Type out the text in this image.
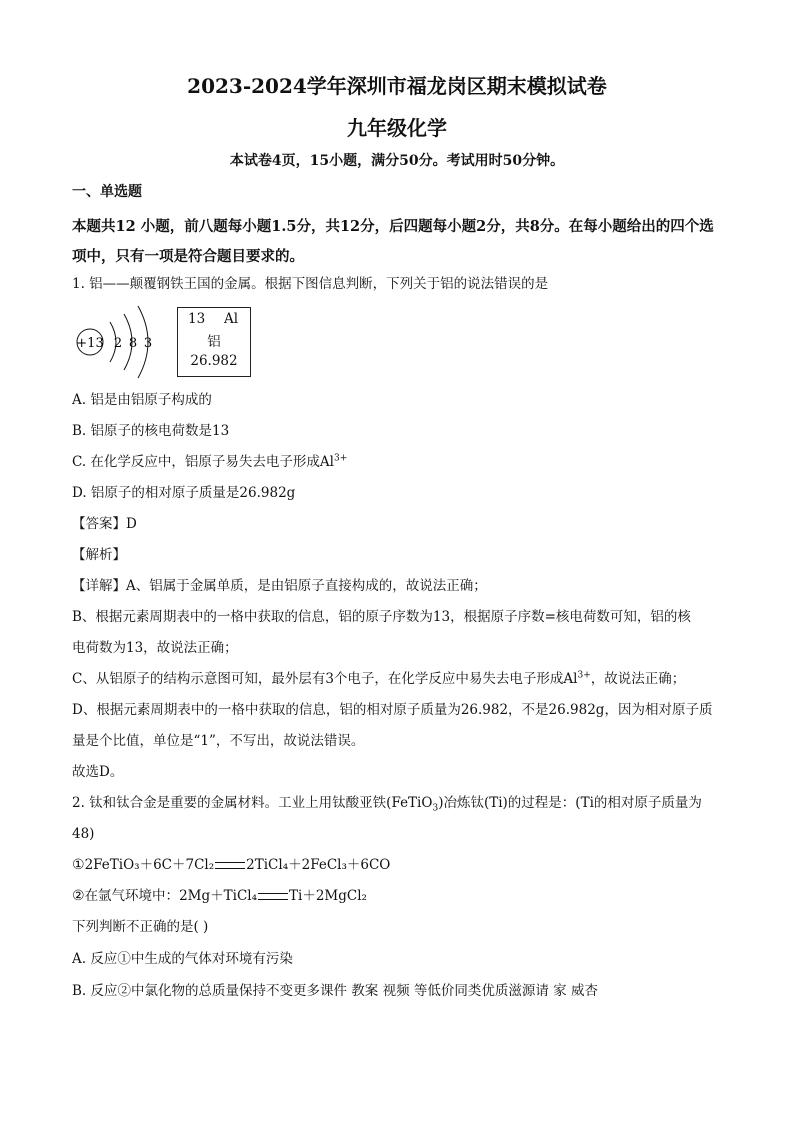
2023-2024学年深圳市福龙岗区期末模拟试卷
九年级化学
本试卷4页，15小题，满分50分。考试用时50分钟。
一、单选题
本题共12 小题，前八题每小题1.5分，共12分，后四题每小题2分，共8分。在每小题给出的四个选项中，只有一项是符合题目要求的。
1. 铝——颠覆钢铁王国的金属。根据下图信息判断，下列关于铝的说法错误的是
+13 2 8 3
13 Al
铝
26.982
A. 铝是由铝原子构成的
B. 铝原子的核电荷数是13
C. 在化学反应中，铝原子易失去电子形成$Al^{3+}$
D. 铝原子的相对原子质量是26.982g
【答案】D
【解析】
【详解】A、铝属于金属单质，是由铝原子直接构成的，故说法正确；
B、根据元素周期表中的一格中获取的信息，铝的原子序数为13，根据原子序数=核电荷数可知，铝的核
电荷数为13，故说法正确；
C、从铝原子的结构示意图可知，最外层有3个电子，在化学反应中易失去电子形成$Al^{3+}$，故说法正确；
D、根据元素周期表中的一格中获取的信息，铝的相对原子质量为26.982，不是26.982g，因为相对原子质
量是个比值，单位是“1”，不写出，故说法错误。
故选D。
2. 钛和钛合金是重要的金属材料。工业上用钛酸亚铁(FeTiO$_3$)冶炼钛(Ti)的过程是：(Ti的相对原子质量为
48)
①2FeTiO₃＋6C＋7Cl₂ 2TiCl₄＋2FeCl₃＋6CO
②在氩气环境中：2Mg＋TiCl₄ Ti＋2MgCl₂
下列判断不正确的是( )
A. 反应①中生成的气体对环境有污染
B. 反应②中氯化物的总质量保持不变更多课件 教案 视频 等低价同类优质滋源请 家 威杏
